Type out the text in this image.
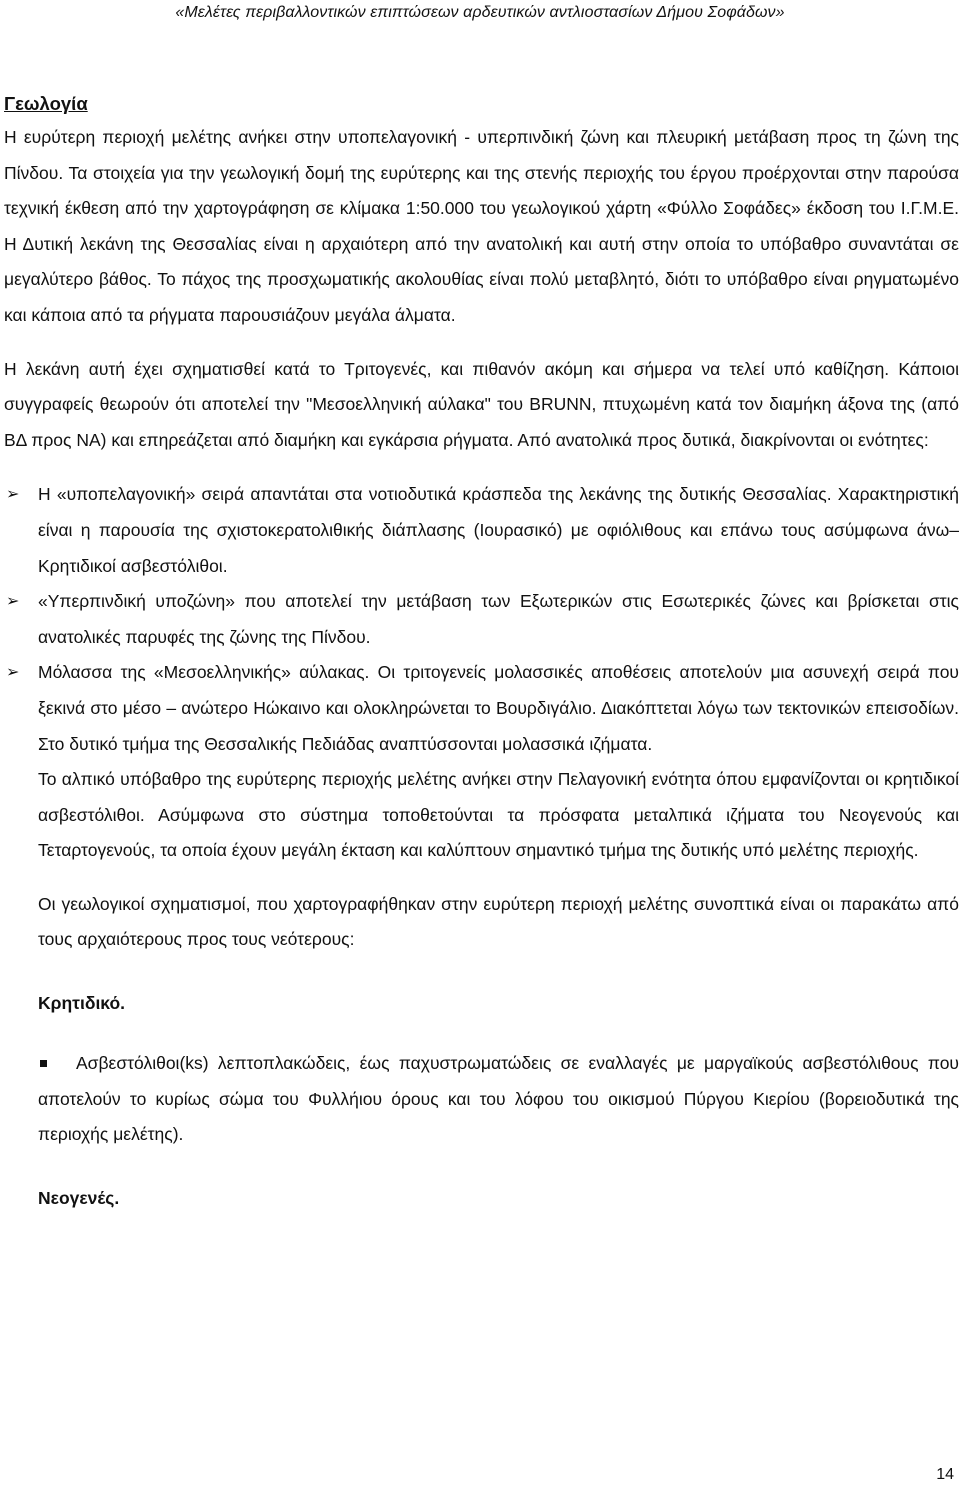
«Μελέτες περιβαλλοντικών επιπτώσεων αρδευτικών αντλιοστασίων Δήμου Σοφάδων»
Γεωλογία

Η ευρύτερη περιοχή μελέτης ανήκει στην υποπελαγονική - υπερπινδική ζώνη και πλευρική μετάβαση προς τη ζώνη της Πίνδου. Τα στοιχεία για την γεωλογική δομή της ευρύτερης και της στενής περιοχής του έργου προέρχονται στην παρούσα τεχνική έκθεση από την χαρτογράφηση σε κλίμακα 1:50.000 του γεωλογικού χάρτη «Φύλλο Σοφάδες» έκδοση του Ι.Γ.Μ.Ε. Η Δυτική λεκάνη της Θεσσαλίας είναι η αρχαιότερη από την ανατολική και αυτή στην οποία το υπόβαθρο συναντάται σε μεγαλύτερο βάθος. Το πάχος της προσχωματικής ακολουθίας είναι πολύ μεταβλητό, διότι το υπόβαθρο είναι ρηγματωμένο και κάποια από τα ρήγματα παρουσιάζουν μεγάλα άλματα.

Η λεκάνη αυτή έχει σχηματισθεί κατά το Τριτογενές, και πιθανόν ακόμη και σήμερα να τελεί υπό καθίζηση. Κάποιοι συγγραφείς θεωρούν ότι αποτελεί την "Μεσοελληνική αύλακα" του BRUNN, πτυχωμένη κατά τον διαμήκη άξονα της (από ΒΔ προς ΝΑ) και επηρεάζεται από διαμήκη και εγκάρσια ρήγματα. Από ανατολικά προς δυτικά, διακρίνονται οι ενότητες:

➢	Η «υποπελαγονική» σειρά απαντάται στα νοτιοδυτικά κράσπεδα της λεκάνης της δυτικής Θεσσαλίας. Χαρακτηριστική είναι η παρουσία της σχιστοκερατολιθικής διάπλασης (Ιουρασικό) με οφιόλιθους και επάνω τους ασύμφωνα άνω–Κρητιδικοί ασβεστόλιθοι.
➢	«Υπερπινδική υποζώνη» που αποτελεί την μετάβαση των Εξωτερικών στις Εσωτερικές ζώνες και βρίσκεται στις ανατολικές παρυφές της ζώνης της Πίνδου.
➢	Μόλασσα της «Μεσοελληνικής» αύλακας. Οι τριτογενείς μολασσικές αποθέσεις αποτελούν μια ασυνεχή σειρά που ξεκινά στο μέσο – ανώτερο Ηώκαινο και ολοκληρώνεται το Βουρδιγάλιο. Διακόπτεται λόγω των τεκτονικών επεισοδίων. Στο δυτικό τμήμα της Θεσσαλικής Πεδιάδας αναπτύσσονται μολασσικά ιζήματα.

Το αλπικό υπόβαθρο της ευρύτερης περιοχής μελέτης ανήκει στην Πελαγονική ενότητα όπου εμφανίζονται οι κρητιδικοί ασβεστόλιθοι. Ασύμφωνα στο σύστημα τοποθετούνται τα πρόσφατα μεταλπικά ιζήματα του Νεογενούς και Τεταρτογενούς, τα οποία έχουν μεγάλη έκταση και καλύπτουν σημαντικό τμήμα της δυτικής υπό μελέτης περιοχής.

Οι γεωλογικοί σχηματισμοί, που χαρτογραφήθηκαν στην ευρύτερη περιοχή μελέτης συνοπτικά είναι οι παρακάτω από τους αρχαιότερους προς τους νεότερους:

Κρητιδικό.
Ασβεστόλιθοι(ks) λεπτοπλακώδεις, έως παχυστρωματώδεις σε εναλλαγές με μαργαϊκούς ασβεστόλιθους που αποτελούν το κυρίως σώμα του Φυλλήιου όρους και του λόφου του οικισμού Πύργου Κιερίου (βορειοδυτικά της περιοχής μελέτης).
Νεογενές.
14
